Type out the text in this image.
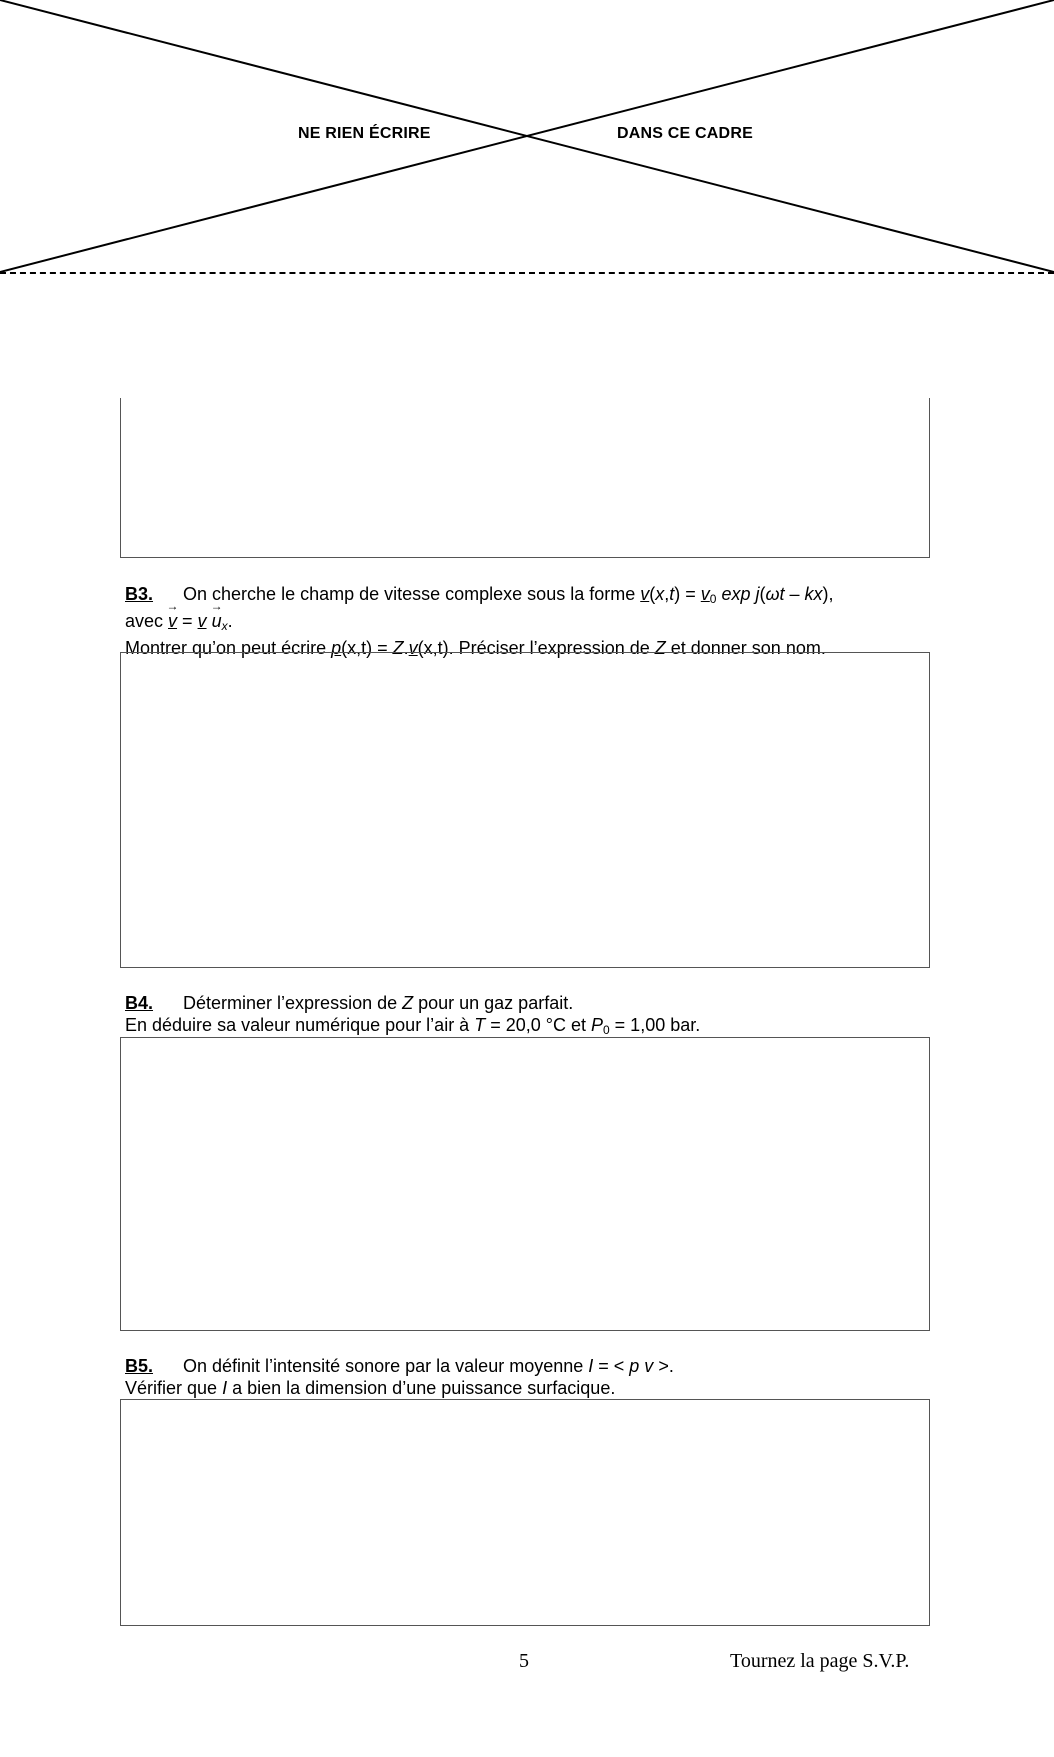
NE RIEN ÉCRIRE	DANS CE CADRE
B3. On cherche le champ de vitesse complexe sous la forme $v(x,t) = v_0$ exp j(ωt – kx),
avec → $v = v \to u_x$.
Montrer qu’on peut écrire p(x,t) = Z.v(x,t). Préciser l’expression de Z et donner son nom.
B4. Déterminer l’expression de Z pour un gaz parfait.
En déduire sa valeur numérique pour l’air à T = 20,0 °C et $P_0 = 1,00$ bar.
B5. On définit l’intensité sonore par la valeur moyenne I = < p v >.
Vérifier que I a bien la dimension d’une puissance surfacique.
5	Tournez la page S.V.P.
